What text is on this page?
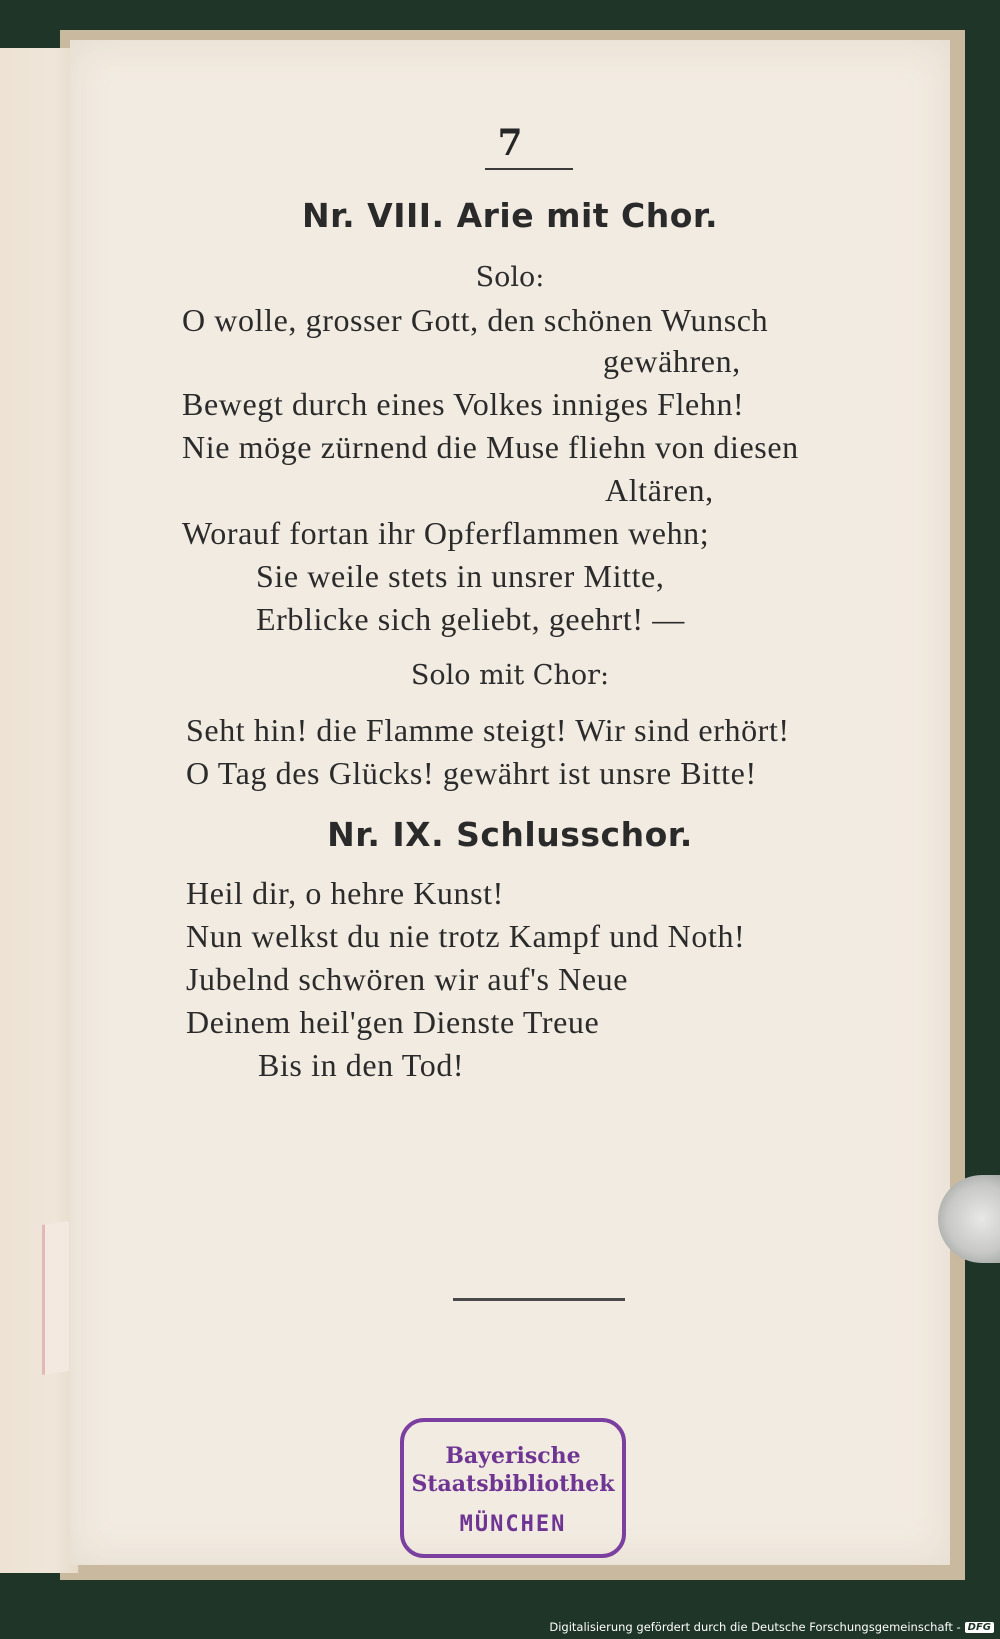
7
Nr. VIII. Arie mit Chor.
Solo:
O wolle, grosser Gott, den schönen Wunsch
gewähren,
Bewegt durch eines Volkes inniges Flehn!
Nie möge zürnend die Muse fliehn von diesen
Altären,
Worauf fortan ihr Opferflammen wehn;
Sie weile stets in unsrer Mitte,
Erblicke sich geliebt, geehrt! —
Solo mit Chor:
Seht hin! die Flamme steigt! Wir sind erhört!
O Tag des Glücks! gewährt ist unsre Bitte!
Nr. IX. Schlusschor.
Heil dir, o hehre Kunst!
Nun welkst du nie trotz Kampf und Noth!
Jubelnd schwören wir auf's Neue
Deinem heil'gen Dienste Treue
Bis in den Tod!
Bayerische
Staatsbibliothek
MÜNCHEN
Digitalisierung gefördert durch die Deutsche Forschungsgemeinschaft - DFG
